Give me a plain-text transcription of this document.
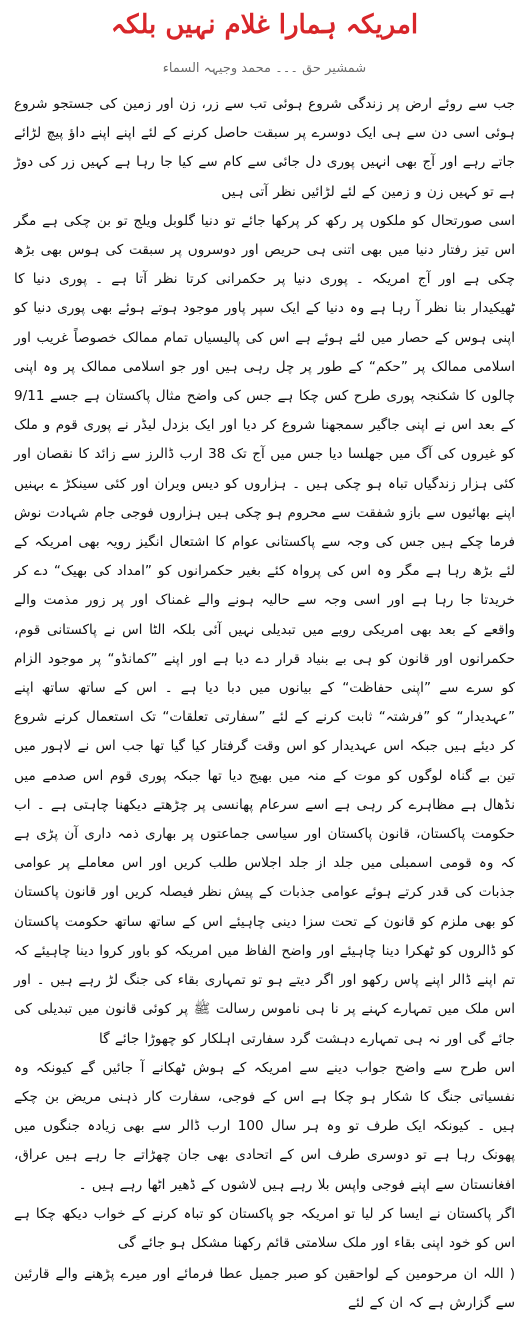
امریکہ ہمارا غلام نہیں بلکہ
شمشیر حق ۔۔۔ محمد وجیہہ السماء

جب سے روئے ارض پر زندگی شروع ہوئی تب سے زر، زن اور زمین کی جستجو شروع ہوئی اسی دن سے ہی ایک دوسرے پر سبقت حاصل کرنے کے لئے اپنے اپنے داؤ پیچ لڑائے جاتے رہے اور آج بھی انہیں پوری دل جائی سے کام سے کیا جا رہا ہے کہیں زر کی دوڑ ہے تو کہیں زن و زمین کے لئے لڑائیں نظر آتی ہیں

اسی صورتحال کو ملکوں پر رکھ کر پرکھا جائے تو دنیا گلوبل ویلج تو بن چکی ہے مگر اس تیز رفتار دنیا میں بھی اتنی ہی حریص اور دوسروں پر سبقت کی ہوس بھی بڑھ چکی ہے اور آج امریکہ ۔ پوری دنیا پر حکمرانی کرتا نظر آتا ہے ۔ پوری دنیا کا ٹھیکیدار بنا نظر آ رہا ہے وہ دنیا کے ایک سپر پاور موجود ہوتے ہوئے بھی پوری دنیا کو اپنی ہوس کے حصار میں لئے ہوئے ہے اس کی پالیسیاں تمام ممالک خصوصاً غریب اور اسلامی ممالک پر ”حکم“ کے طور پر چل رہی ہیں اور جو اسلامی ممالک پر وہ اپنی چالوں کا شکنجہ پوری طرح کس چکا ہے جس کی واضح مثال پاکستان ہے جسے 9/11 کے بعد اس نے اپنی جاگیر سمجھنا شروع کر دیا اور ایک بزدل لیڈر نے پوری قوم و ملک کو غیروں کی آگ میں جھلسا دیا جس میں آج تک 38 ارب ڈالرز سے زائد کا نقصان اور کئی ہزار زندگیاں تباہ ہو چکی ہیں ۔ ہزاروں کو دیس ویران اور کئی سینکڑ ے بہنیں اپنے بھائیوں سے بازو شفقت سے محروم ہو چکی ہیں ہزاروں فوجی جام شہادت نوش فرما چکے ہیں جس کی وجہ سے پاکستانی عوام کا اشتعال انگیز رویہ بھی امریکہ کے لئے بڑھ رہا ہے مگر وہ اس کی پرواہ کئے بغیر حکمرانوں کو ”امداد کی بھیک“ دے کر خریدتا جا رہا ہے اور اسی وجہ سے حالیہ ہونے والے غمناک اور پر زور مذمت والے واقعے کے بعد بھی امریکی رویے میں تبدیلی نہیں آئی بلکہ الٹا اس نے پاکستانی قوم، حکمرانوں اور قانون کو ہی بے بنیاد قرار دے دیا ہے اور اپنے ”کمانڈو“ پر موجود الزام کو سرے سے ”اپنی حفاظت“ کے بیانوں میں دبا دیا ہے ۔ اس کے ساتھ ساتھ اپنے ”عہدیدار“ کو ”فرشتہ“ ثابت کرنے کے لئے ”سفارتی تعلقات“ تک استعمال کرنے شروع کر دیئے ہیں جبکہ اس عہدیدار کو اس وقت گرفتار کیا گیا تھا جب اس نے لاہور میں تین بے گناہ لوگوں کو موت کے منہ میں بھیج دیا تھا جبکہ پوری قوم اس صدمے میں نڈھال ہے مظاہرے کر رہی ہے اسے سرعام پھانسی پر چڑھتے دیکھنا چاہتی ہے ۔ اب حکومت پاکستان، قانون پاکستان اور سیاسی جماعتوں پر بھاری ذمہ داری آن پڑی ہے کہ وہ قومی اسمبلی میں جلد از جلد اجلاس طلب کریں اور اس معاملے پر عوامی جذبات کی قدر کرتے ہوئے عوامی جذبات کے پیش نظر فیصلہ کریں اور قانون پاکستان کو بھی ملزم کو قانون کے تحت سزا دینی چاہیئے اس کے ساتھ ساتھ حکومت پاکستان کو ڈالروں کو ٹھکرا دینا چاہیئے اور واضح الفاظ میں امریکہ کو باور کروا دینا چاہیئے کہ تم اپنے ڈالر اپنے پاس رکھو اور اگر دیتے ہو تو تمہاری بقاء کی جنگ لڑ رہے ہیں ۔ اور اس ملک میں تمہارے کہنے پر نا ہی ناموس رسالت ﷺ پر کوئی قانون میں تبدیلی کی جائے گی اور نہ ہی تمہارے دہشت گرد سفارتی اہلکار کو چھوڑا جائے گا

اس طرح سے واضح جواب دینے سے امریکہ کے ہوش ٹھکانے آ جائیں گے کیونکہ وہ نفسیاتی جنگ کا شکار ہو چکا ہے اس کے فوجی، سفارت کار ذہنی مریض بن چکے ہیں ۔ کیونکہ ایک طرف تو وہ ہر سال 100 ارب ڈالر سے بھی زیادہ جنگوں میں پھونک رہا ہے تو دوسری طرف اس کے اتحادی بھی جان چھڑاتے جا رہے ہیں عراق، افغانستان سے اپنے فوجی واپس بلا رہے ہیں لاشوں کے ڈھیر اٹھا رہے ہیں ۔

اگر پاکستان نے ایسا کر لیا تو امریکہ جو پاکستان کو تباہ کرنے کے خواب دیکھ چکا ہے اس کو خود اپنی بقاء اور ملک سلامتی قائم رکھنا مشکل ہو جائے گی

( اللہ ان مرحومین کے لواحقین کو صبر جمیل عطا فرمائے اور میرے پڑھنے والے قارئین سے گزارش ہے کہ ان کے لئے
